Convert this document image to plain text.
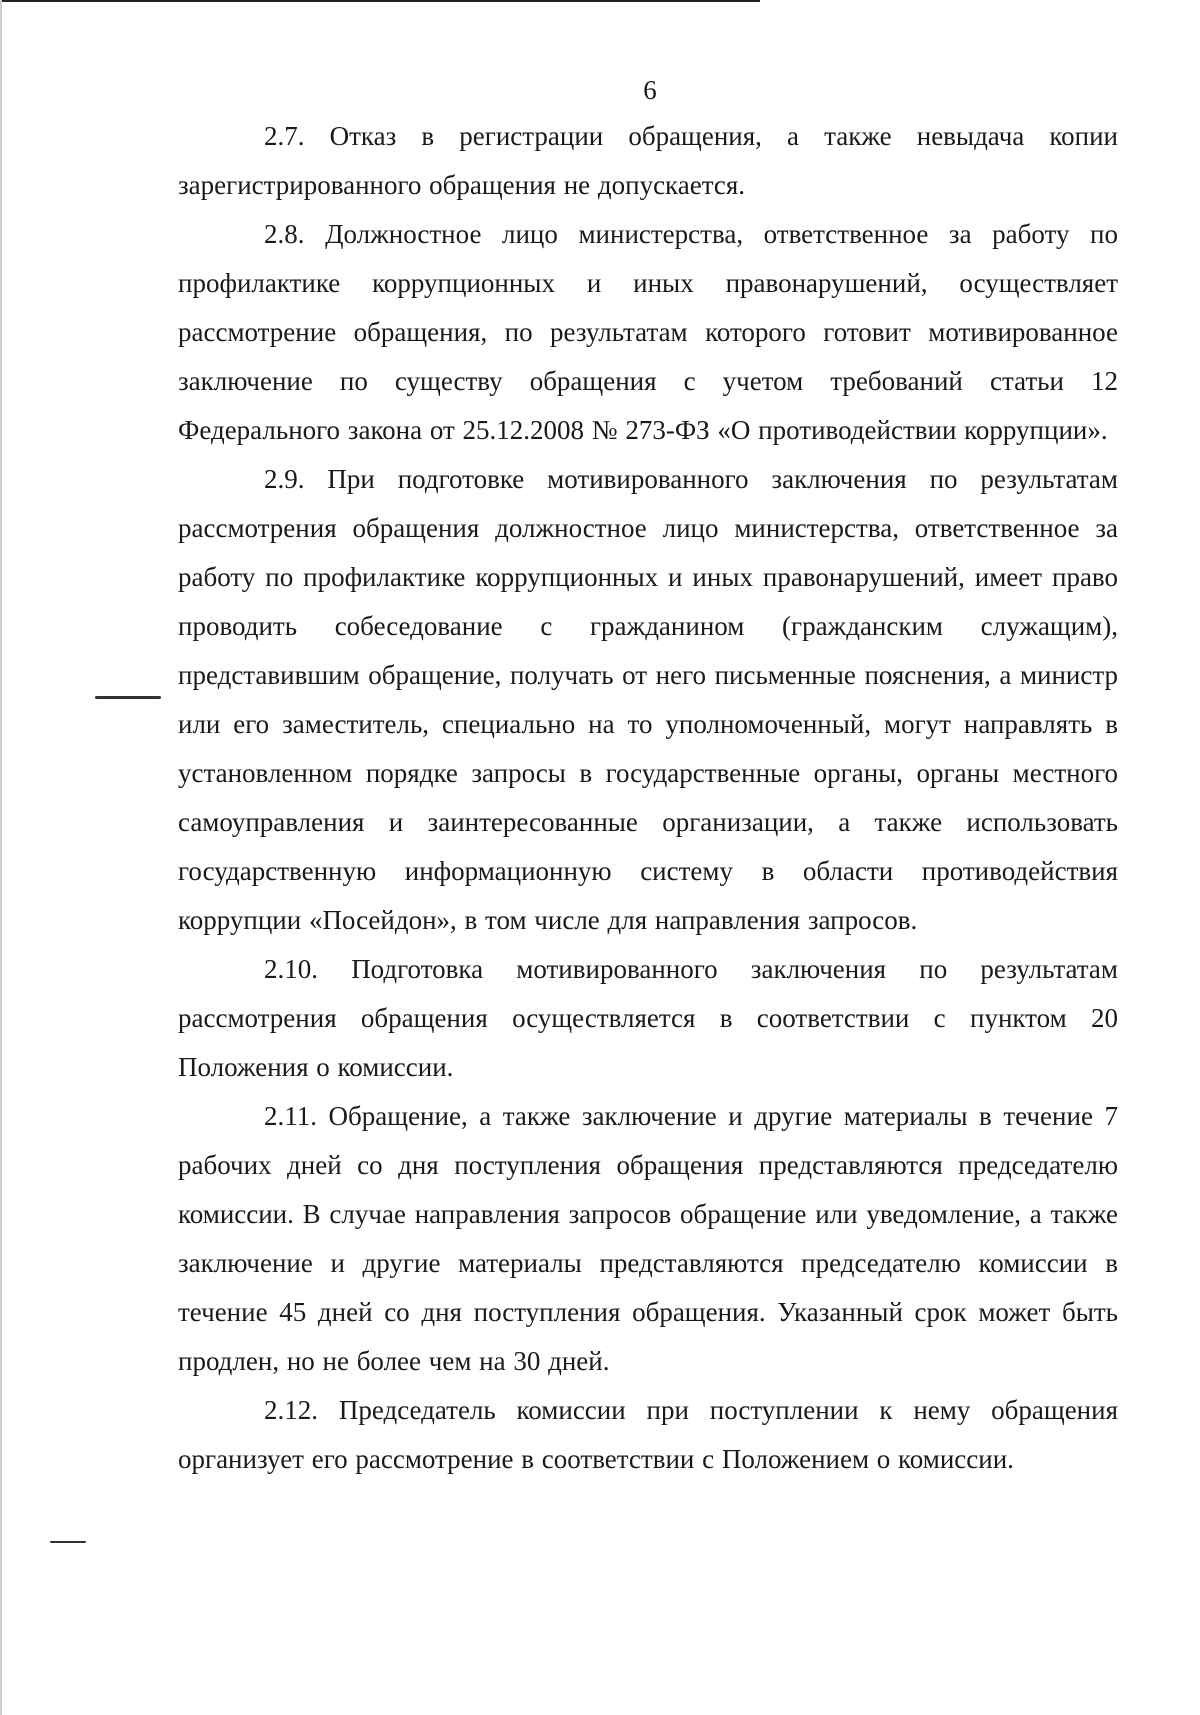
6

2.7. Отказ в регистрации обращения, а также невыдача копии зарегистрированного обращения не допускается.

2.8. Должностное лицо министерства, ответственное за работу по профилактике коррупционных и иных правонарушений, осуществляет рассмотрение обращения, по результатам которого готовит мотивированное заключение по существу обращения с учетом требований статьи 12 Федерального закона от 25.12.2008 № 273-ФЗ «О противодействии коррупции».

2.9. При подготовке мотивированного заключения по результатам рассмотрения обращения должностное лицо министерства, ответственное за работу по профилактике коррупционных и иных правонарушений, имеет право проводить собеседование с гражданином (гражданским служащим), представившим обращение, получать от него письменные пояснения, а министр или его заместитель, специально на то уполномоченный, могут направлять в установленном порядке запросы в государственные органы, органы местного самоуправления и заинтересованные организации, а также использовать государственную информационную систему в области противодействия коррупции «Посейдон», в том числе для направления запросов.

2.10. Подготовка мотивированного заключения по результатам рассмотрения обращения осуществляется в соответствии с пунктом 20 Положения о комиссии.

2.11. Обращение, а также заключение и другие материалы в течение 7 рабочих дней со дня поступления обращения представляются председателю комиссии. В случае направления запросов обращение или уведомление, а также заключение и другие материалы представляются председателю комиссии в течение 45 дней со дня поступления обращения. Указанный срок может быть продлен, но не более чем на 30 дней.

2.12. Председатель комиссии при поступлении к нему обращения организует его рассмотрение в соответствии с Положением о комиссии.
